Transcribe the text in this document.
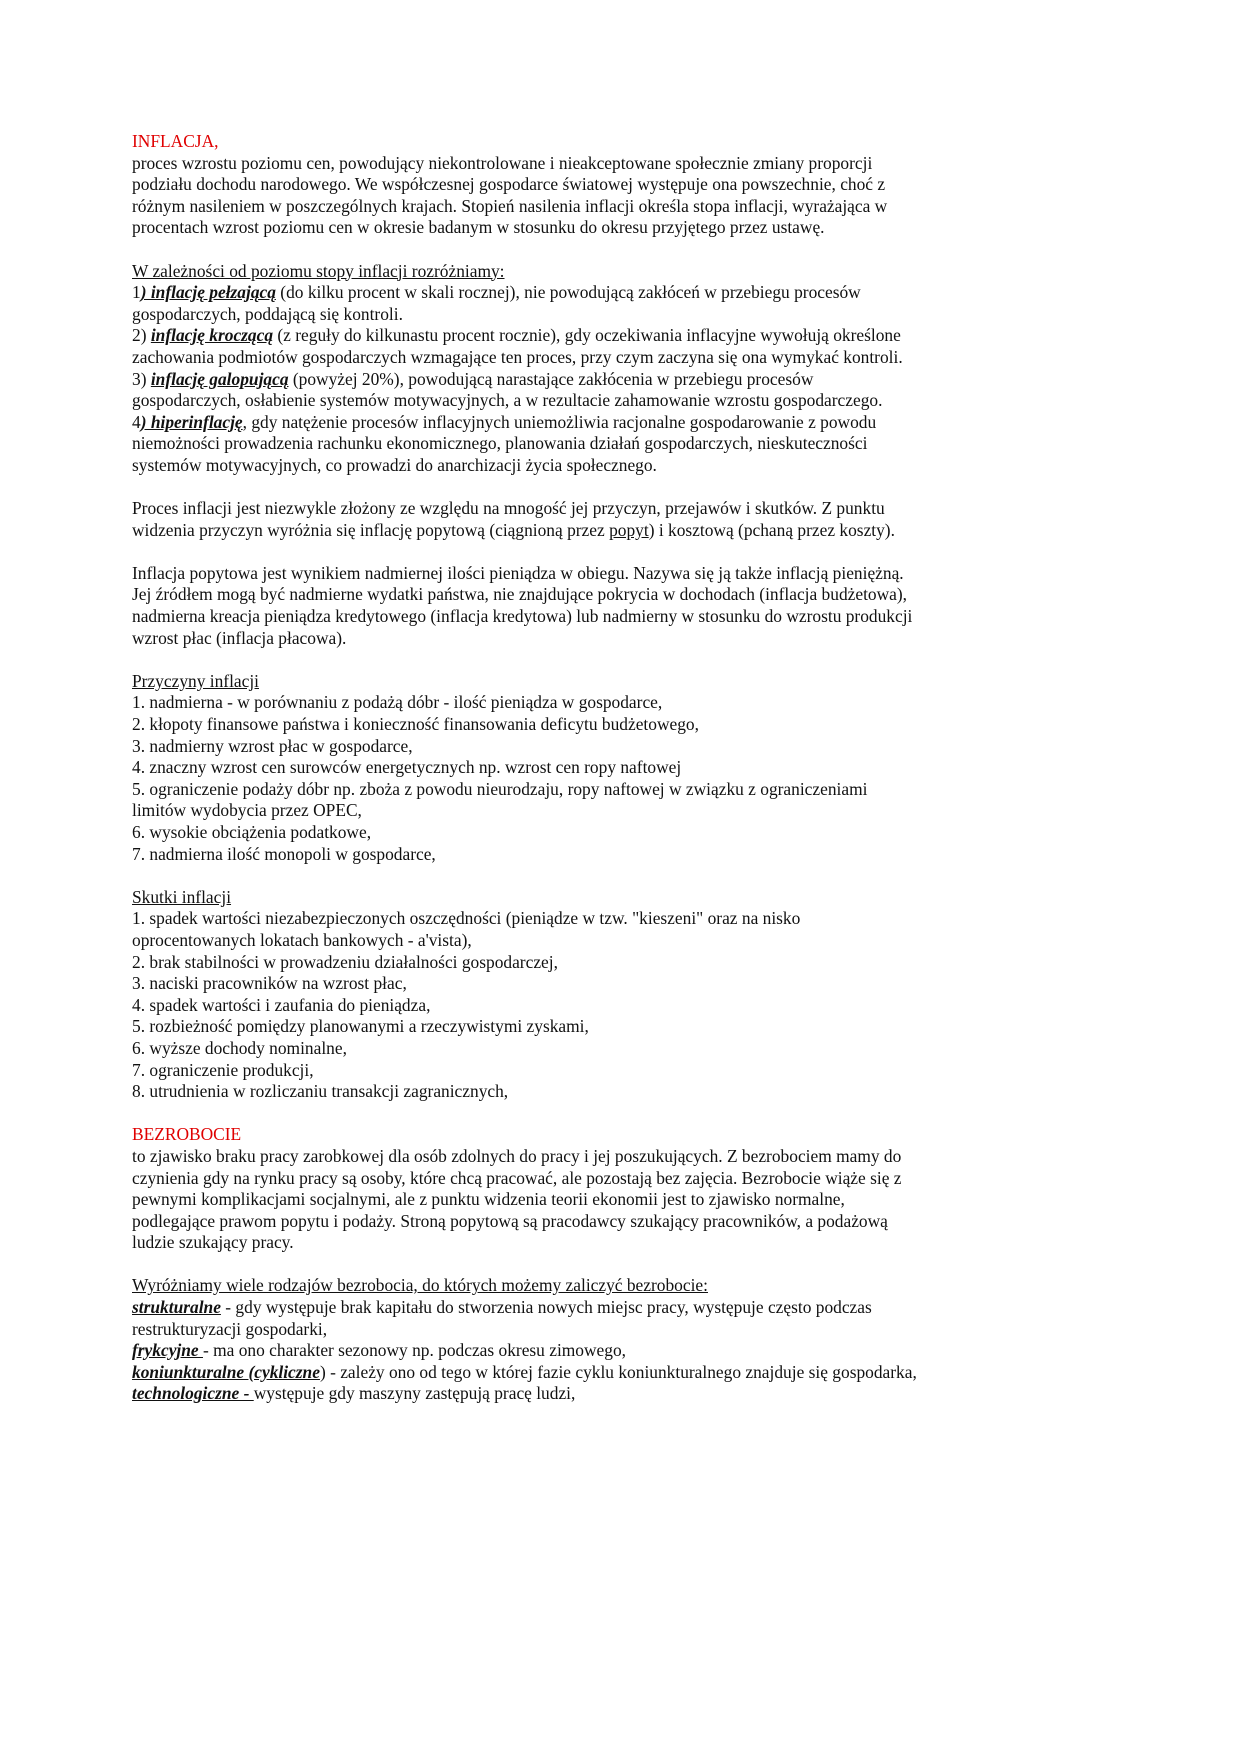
INFLACJA,
proces wzrostu poziomu cen, powodujący niekontrolowane i nieakceptowane społecznie zmiany proporcji
podziału dochodu narodowego. We współczesnej gospodarce światowej występuje ona powszechnie, choć z
różnym nasileniem w poszczególnych krajach. Stopień nasilenia inflacji określa stopa inflacji, wyrażająca w
procentach wzrost poziomu cen w okresie badanym w stosunku do okresu przyjętego przez ustawę.
W zależności od poziomu stopy inflacji rozróżniamy:
1) inflację pełzającą (do kilku procent w skali rocznej), nie powodującą zakłóceń w przebiegu procesów
gospodarczych, poddającą się kontroli.
2) inflację kroczącą (z reguły do kilkunastu procent rocznie), gdy oczekiwania inflacyjne wywołują określone
zachowania podmiotów gospodarczych wzmagające ten proces, przy czym zaczyna się ona wymykać kontroli.
3) inflację galopującą (powyżej 20%), powodującą narastające zakłócenia w przebiegu procesów
gospodarczych, osłabienie systemów motywacyjnych, a w rezultacie zahamowanie wzrostu gospodarczego.
4) hiperinflację, gdy natężenie procesów inflacyjnych uniemożliwia racjonalne gospodarowanie z powodu
niemożności prowadzenia rachunku ekonomicznego, planowania działań gospodarczych, nieskuteczności
systemów motywacyjnych, co prowadzi do anarchizacji życia społecznego.
Proces inflacji jest niezwykle złożony ze względu na mnogość jej przyczyn, przejawów i skutków. Z punktu
widzenia przyczyn wyróżnia się inflację popytową (ciągnioną przez popyt) i kosztową (pchaną przez koszty).
Inflacja popytowa jest wynikiem nadmiernej ilości pieniądza w obiegu. Nazywa się ją także inflacją pieniężną.
Jej źródłem mogą być nadmierne wydatki państwa, nie znajdujące pokrycia w dochodach (inflacja budżetowa),
nadmierna kreacja pieniądza kredytowego (inflacja kredytowa) lub nadmierny w stosunku do wzrostu produkcji
wzrost płac (inflacja płacowa).
Przyczyny inflacji
1. nadmierna - w porównaniu z podażą dóbr - ilość pieniądza w gospodarce,
2. kłopoty finansowe państwa i konieczność finansowania deficytu budżetowego,
3. nadmierny wzrost płac w gospodarce,
4. znaczny wzrost cen surowców energetycznych np. wzrost cen ropy naftowej
5. ograniczenie podaży dóbr np. zboża z powodu nieurodzaju, ropy naftowej w związku z ograniczeniami
limitów wydobycia przez OPEC,
6. wysokie obciążenia podatkowe,
7. nadmierna ilość monopoli w gospodarce,
Skutki inflacji
1. spadek wartości niezabezpieczonych oszczędności (pieniądze w tzw. "kieszeni" oraz na nisko
oprocentowanych lokatach bankowych - a'vista),
2. brak stabilności w prowadzeniu działalności gospodarczej,
3. naciski pracowników na wzrost płac,
4. spadek wartości i zaufania do pieniądza,
5. rozbieżność pomiędzy planowanymi a rzeczywistymi zyskami,
6. wyższe dochody nominalne,
7. ograniczenie produkcji,
8. utrudnienia w rozliczaniu transakcji zagranicznych,
BEZROBOCIE
to zjawisko braku pracy zarobkowej dla osób zdolnych do pracy i jej poszukujących. Z bezrobociem mamy do
czynienia gdy na rynku pracy są osoby, które chcą pracować, ale pozostają bez zajęcia. Bezrobocie wiąże się z
pewnymi komplikacjami socjalnymi, ale z punktu widzenia teorii ekonomii jest to zjawisko normalne,
podlegające prawom popytu i podaży. Stroną popytową są pracodawcy szukający pracowników, a podażową
ludzie szukający pracy.
Wyróżniamy wiele rodzajów bezrobocia, do których możemy zaliczyć bezrobocie:
strukturalne - gdy występuje brak kapitału do stworzenia nowych miejsc pracy, występuje często podczas
restrukturyzacji gospodarki,
frykcyjne - ma ono charakter sezonowy np. podczas okresu zimowego,
koniunkturalne (cykliczne) - zależy ono od tego w której fazie cyklu koniunkturalnego znajduje się gospodarka,
technologiczne - występuje gdy maszyny zastępują pracę ludzi,
